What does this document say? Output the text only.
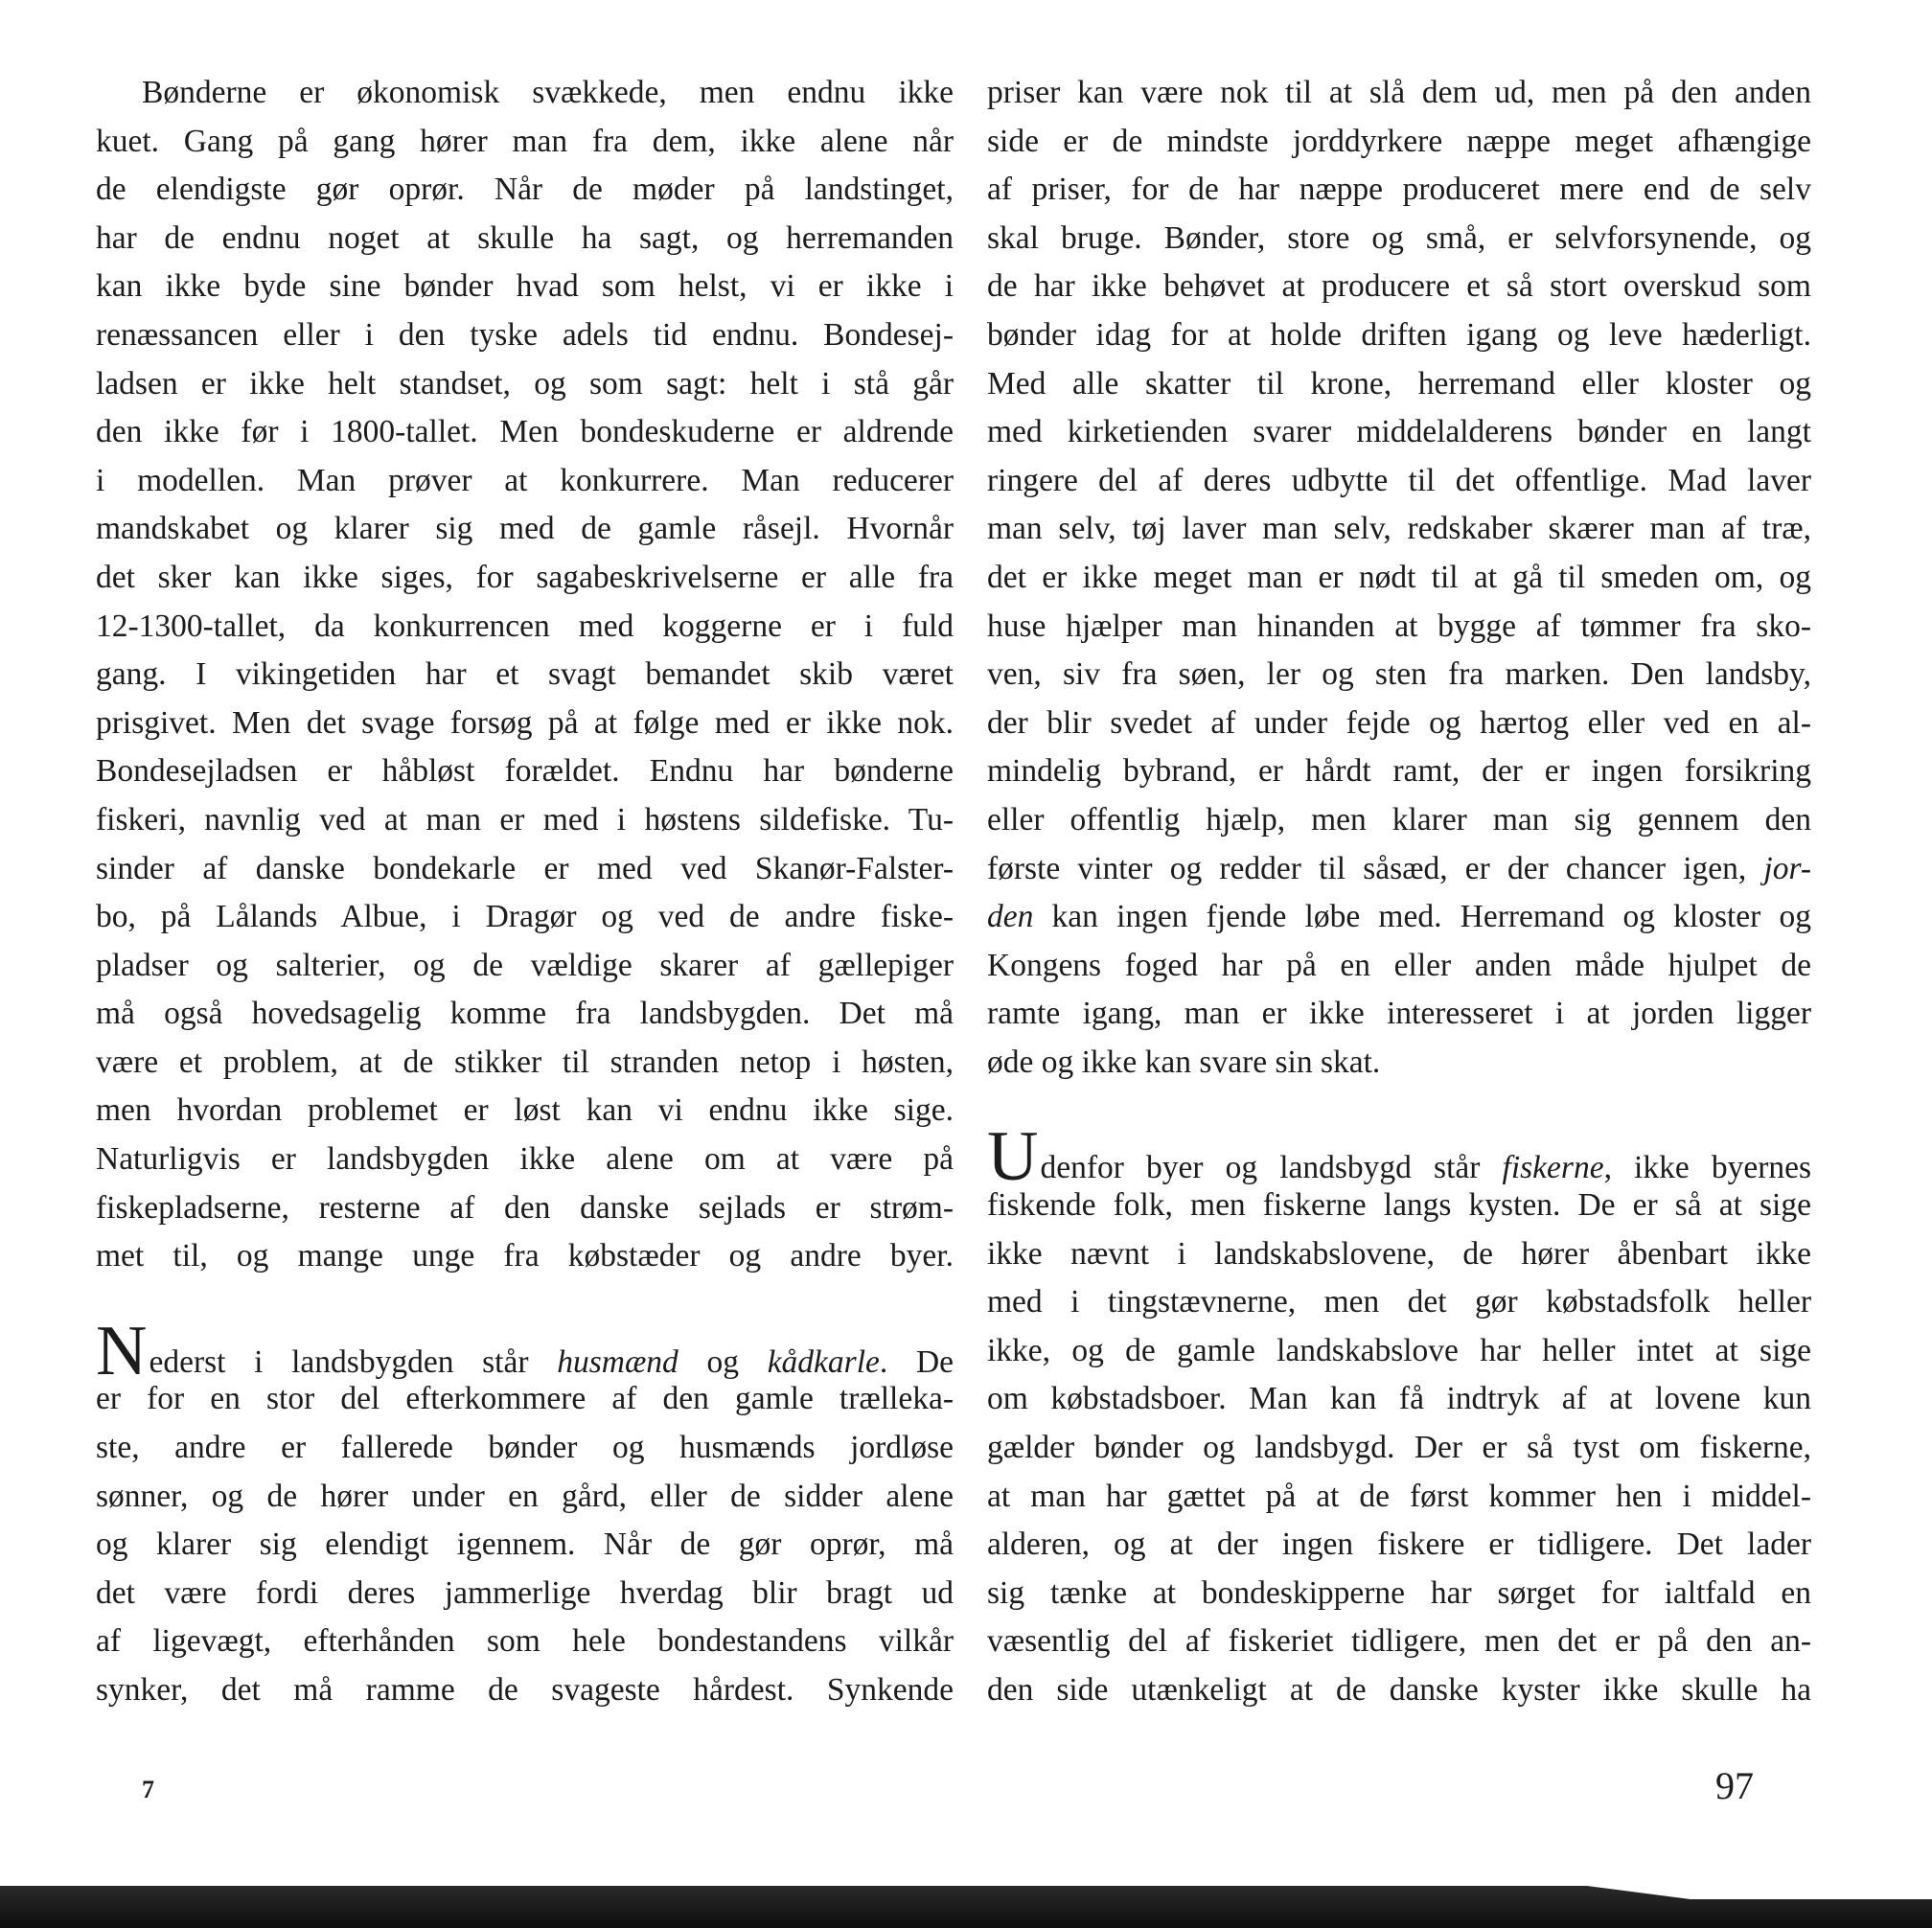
Bønderne er økonomisk svækkede, men endnu ikke
kuet. Gang på gang hører man fra dem, ikke alene når
de elendigste gør oprør. Når de møder på landstinget,
har de endnu noget at skulle ha sagt, og herremanden
kan ikke byde sine bønder hvad som helst, vi er ikke i
renæssancen eller i den tyske adels tid endnu. Bondesej-
ladsen er ikke helt standset, og som sagt: helt i stå går
den ikke før i 1800-tallet. Men bondeskuderne er aldrende
i modellen. Man prøver at konkurrere. Man reducerer
mandskabet og klarer sig med de gamle råsejl. Hvornår
det sker kan ikke siges, for sagabeskrivelserne er alle fra
12-1300-tallet, da konkurrencen med koggerne er i fuld
gang. I vikingetiden har et svagt bemandet skib været
prisgivet. Men det svage forsøg på at følge med er ikke nok.
Bondesejladsen er håbløst forældet. Endnu har bønderne
fiskeri, navnlig ved at man er med i høstens sildefiske. Tu-
sinder af danske bondekarle er med ved Skanør-Falster-
bo, på Lålands Albue, i Dragør og ved de andre fiske-
pladser og salterier, og de vældige skarer af gællepiger
må også hovedsagelig komme fra landsbygden. Det må
være et problem, at de stikker til stranden netop i høsten,
men hvordan problemet er løst kan vi endnu ikke sige.
Naturligvis er landsbygden ikke alene om at være på
fiskepladserne, resterne af den danske sejlads er strøm-
met til, og mange unge fra købstæder og andre byer.
Nederst i landsbygden står husmænd og kådkarle. De
er for en stor del efterkommere af den gamle trælleka-
ste, andre er fallerede bønder og husmænds jordløse
sønner, og de hører under en gård, eller de sidder alene
og klarer sig elendigt igennem. Når de gør oprør, må
det være fordi deres jammerlige hverdag blir bragt ud
af ligevægt, efterhånden som hele bondestandens vilkår
synker, det må ramme de svageste hårdest. Synkende
priser kan være nok til at slå dem ud, men på den anden
side er de mindste jorddyrkere næppe meget afhængige
af priser, for de har næppe produceret mere end de selv
skal bruge. Bønder, store og små, er selvforsynende, og
de har ikke behøvet at producere et så stort overskud som
bønder idag for at holde driften igang og leve hæderligt.
Med alle skatter til krone, herremand eller kloster og
med kirketienden svarer middelalderens bønder en langt
ringere del af deres udbytte til det offentlige. Mad laver
man selv, tøj laver man selv, redskaber skærer man af træ,
det er ikke meget man er nødt til at gå til smeden om, og
huse hjælper man hinanden at bygge af tømmer fra sko-
ven, siv fra søen, ler og sten fra marken. Den landsby,
der blir svedet af under fejde og hærtog eller ved en al-
mindelig bybrand, er hårdt ramt, der er ingen forsikring
eller offentlig hjælp, men klarer man sig gennem den
første vinter og redder til såsæd, er der chancer igen, jor-
den kan ingen fjende løbe med. Herremand og kloster og
Kongens foged har på en eller anden måde hjulpet de
ramte igang, man er ikke interesseret i at jorden ligger
øde og ikke kan svare sin skat.
Udenfor byer og landsbygd står fiskerne, ikke byernes
fiskende folk, men fiskerne langs kysten. De er så at sige
ikke nævnt i landskabslovene, de hører åbenbart ikke
med i tingstævnerne, men det gør købstadsfolk heller
ikke, og de gamle landskabslove har heller intet at sige
om købstadsboer. Man kan få indtryk af at lovene kun
gælder bønder og landsbygd. Der er så tyst om fiskerne,
at man har gættet på at de først kommer hen i middel-
alderen, og at der ingen fiskere er tidligere. Det lader
sig tænke at bondeskipperne har sørget for ialtfald en
væsentlig del af fiskeriet tidligere, men det er på den an-
den side utænkeligt at de danske kyster ikke skulle ha
7	97
